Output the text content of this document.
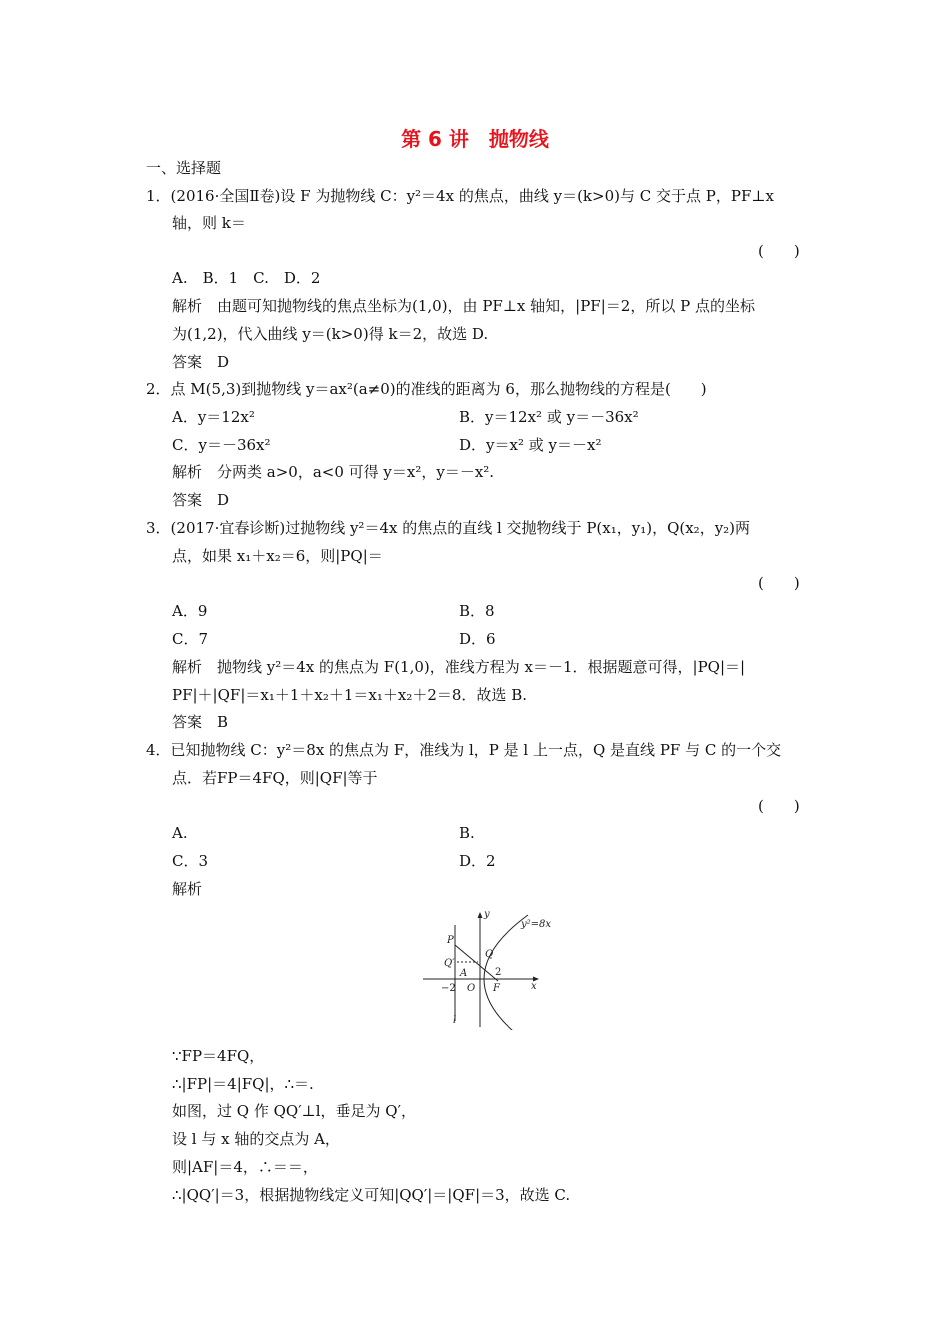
第 6 讲　抛物线
一、选择题
1．(2016·全国Ⅱ卷)设 F 为抛物线 C：y²＝4x 的焦点，曲线 y＝(k>0)与 C 交于点 P，PF⊥x
轴，则 k＝
(　　)
A.　B．1　C.　D．2
解析　由题可知抛物线的焦点坐标为(1,0)，由 PF⊥x 轴知，|PF|＝2，所以 P 点的坐标
为(1,2)，代入曲线 y＝(k>0)得 k＝2，故选 D.
答案　D
2．点 M(5,3)到抛物线 y＝ax²(a≠0)的准线的距离为 6，那么抛物线的方程是(　　)
A．y＝12x²	B．y＝12x² 或 y＝－36x²
C．y＝－36x²	D．y＝x² 或 y＝－x²
解析　分两类 a>0，a<0 可得 y＝x²，y＝－x².
答案　D
3．(2017·宜春诊断)过抛物线 y²＝4x 的焦点的直线 l 交抛物线于 P(x₁，y₁)，Q(x₂，y₂)两
点，如果 x₁＋x₂＝6，则|PQ|＝
(　　)
A．9	B．8
C．7	D．6
解析　抛物线 y²＝4x 的焦点为 F(1,0)，准线方程为 x＝－1．根据题意可得，|PQ|＝|
PF|＋|QF|＝x₁＋1＋x₂＋1＝x₁＋x₂＋2＝8．故选 B.
答案　B
4．已知抛物线 C：y²＝8x 的焦点为 F，准线为 l，P 是 l 上一点，Q 是直线 PF 与 C 的一个交
点．若FP＝4FQ，则|QF|等于
(　　)
A.	B.
C．3	D．2
解析
y²=8x
y
x
P
Q′
Q
A
O F
2
−2
l
∵FP＝4FQ，
∴|FP|＝4|FQ|，∴＝.
如图，过 Q 作 QQ′⊥l，垂足为 Q′，
设 l 与 x 轴的交点为 A，
则|AF|＝4，∴＝＝，
∴|QQ′|＝3，根据抛物线定义可知|QQ′|＝|QF|＝3，故选 C.
